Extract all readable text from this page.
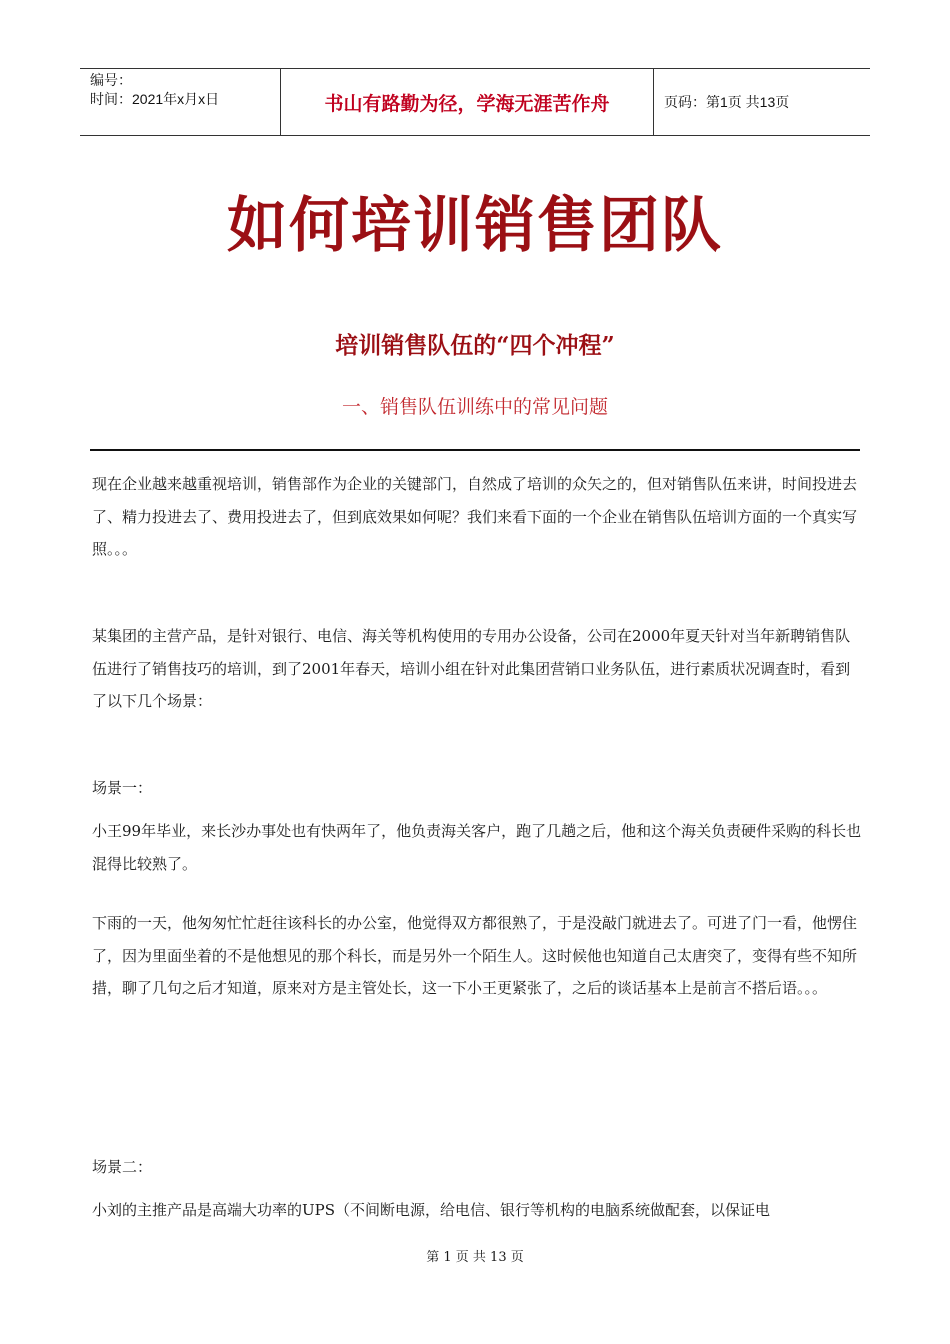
编号：
时间：2021年x月x日	书山有路勤为径，学海无涯苦作舟	页码：第1页 共13页
如何培训销售团队
培训销售队伍的“四个冲程”
一、销售队伍训练中的常见问题

现在企业越来越重视培训，销售部作为企业的关键部门，自然成了培训的众矢之的，但对销售队伍来讲，时间投进去了、精力投进去了、费用投进去了，但到底效果如何呢？我们来看下面的一个企业在销售队伍培训方面的一个真实写照。。。

某集团的主营产品，是针对银行、电信、海关等机构使用的专用办公设备，公司在2000年夏天针对当年新聘销售队伍进行了销售技巧的培训，到了2001年春天，培训小组在针对此集团营销口业务队伍，进行素质状况调查时，看到了以下几个场景：

场景一：

小王99年毕业，来长沙办事处也有快两年了，他负责海关客户，跑了几趟之后，他和这个海关负责硬件采购的科长也混得比较熟了。

下雨的一天，他匆匆忙忙赶往该科长的办公室，他觉得双方都很熟了，于是没敲门就进去了。可进了门一看，他愣住了，因为里面坐着的不是他想见的那个科长，而是另外一个陌生人。这时候他也知道自己太唐突了，变得有些不知所措，聊了几句之后才知道，原来对方是主管处长，这一下小王更紧张了，之后的谈话基本上是前言不搭后语。。。

场景二：

小刘的主推产品是高端大功率的UPS（不间断电源，给电信、银行等机构的电脑系统做配套，以保证电

第 1 页 共 13 页
